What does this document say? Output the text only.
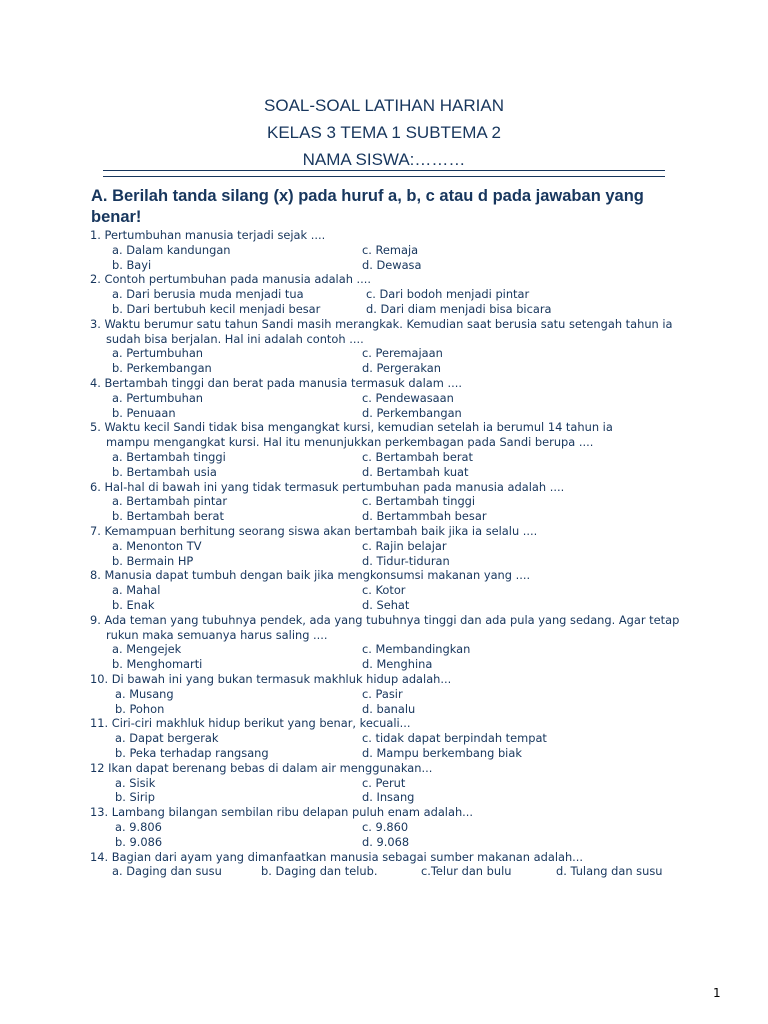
SOAL-SOAL LATIHAN HARIAN
KELAS 3 TEMA 1 SUBTEMA 2
NAMA SISWA:………
A. Berilah tanda silang (x) pada huruf a, b, c atau d pada jawaban yang benar!
1. Pertumbuhan manusia terjadi sejak ....
a. Dalam kandungan
b. Bayi
c. Remaja
d. Dewasa
2. Contoh pertumbuhan pada manusia adalah ....
a. Dari berusia muda menjadi tua
b. Dari bertubuh kecil menjadi besar
c. Dari bodoh menjadi pintar
d. Dari diam menjadi bisa bicara
3. Waktu berumur satu tahun Sandi masih merangkak. Kemudian saat berusia satu setengah tahun ia
sudah bisa berjalan. Hal ini adalah contoh ....
a. Pertumbuhan
b. Perkembangan
c. Peremajaan
d. Pergerakan
4. Bertambah tinggi dan berat pada manusia termasuk dalam ....
a. Pertumbuhan
b. Penuaan
c. Pendewasaan
d. Perkembangan
5. Waktu kecil Sandi tidak bisa mengangkat kursi, kemudian setelah ia berumul 14 tahun ia
mampu mengangkat kursi. Hal itu menunjukkan perkembagan pada Sandi berupa ....
a. Bertambah tinggi
b. Bertambah usia
c. Bertambah berat
d. Bertambah kuat
6. Hal-hal di bawah ini yang tidak termasuk pertumbuhan pada manusia adalah ....
a. Bertambah pintar
b. Bertambah berat
c. Bertambah tinggi
d. Bertammbah besar
7. Kemampuan berhitung seorang siswa akan bertambah baik jika ia selalu ....
a. Menonton TV
b. Bermain HP
c. Rajin belajar
d. Tidur-tiduran
8. Manusia dapat tumbuh dengan baik jika mengkonsumsi makanan yang ....
a. Mahal
b. Enak
c. Kotor
d. Sehat
9. Ada teman yang tubuhnya pendek, ada yang tubuhnya tinggi dan ada pula yang sedang. Agar tetap
rukun maka semuanya harus saling ....
a. Mengejek
b. Menghomarti
c. Membandingkan
d. Menghina
10. Di bawah ini yang bukan termasuk makhluk hidup adalah...
a. Musang
b. Pohon
c. Pasir
d. banalu
11. Ciri-ciri makhluk hidup berikut yang benar, kecuali...
a. Dapat bergerak
b. Peka terhadap rangsang
c. tidak dapat berpindah tempat
d. Mampu berkembang biak
12 Ikan dapat berenang bebas di dalam air menggunakan...
a. Sisik
b. Sirip
c. Perut
d. Insang
13. Lambang bilangan sembilan ribu delapan puluh enam adalah...
a. 9.806
b. 9.086
c. 9.860
d. 9.068
14. Bagian dari ayam yang dimanfaatkan manusia sebagai sumber makanan adalah...
a. Daging dan susu	b. Daging dan telub.	c.Telur dan bulu	d. Tulang dan susu
1
